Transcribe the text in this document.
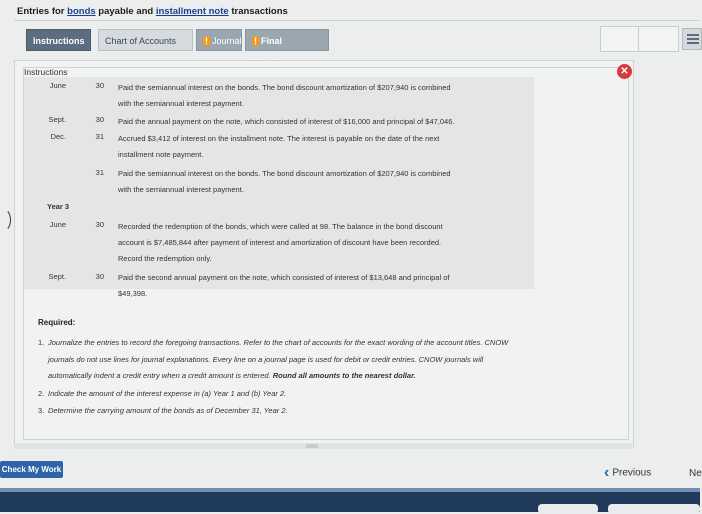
Entries for bonds payable and installment note transactions
Instructions	Chart of Accounts	! Journal	! Final
✕
Instructions
June	30 Paid the semiannual interest on the bonds. The bond discount amortization of $207,940 is combined
with the semiannual interest payment.
Sept.	30 Paid the annual payment on the note, which consisted of interest of $16,000 and principal of $47,046.
Dec.	31 Accrued $3,412 of interest on the installment note. The interest is payable on the date of the next
installment note payment.
31 Paid the semiannual interest on the bonds. The bond discount amortization of $207,940 is combined
with the semiannual interest payment.
Year 3
June	30 Recorded the redemption of the bonds, which were called at 98. The balance in the bond discount
account is $7,485,844 after payment of interest and amortization of discount have been recorded.
Record the redemption only.
Sept.	30 Paid the second annual payment on the note, which consisted of interest of $13,648 and principal of
$49,398.
Required:
1. Journalize the entries to record the foregoing transactions. Refer to the chart of accounts for the exact wording of the account titles. CNOW
journals do not use lines for journal explanations. Every line on a journal page is used for debit or credit entries. CNOW journals will
automatically indent a credit entry when a credit amount is entered. Round all amounts to the nearest dollar.
2. Indicate the amount of the interest expense in (a) Year 1 and (b) Year 2.
3. Determine the carrying amount of the bonds as of December 31, Year 2.
Check My Work	‹ Previous	Ne
